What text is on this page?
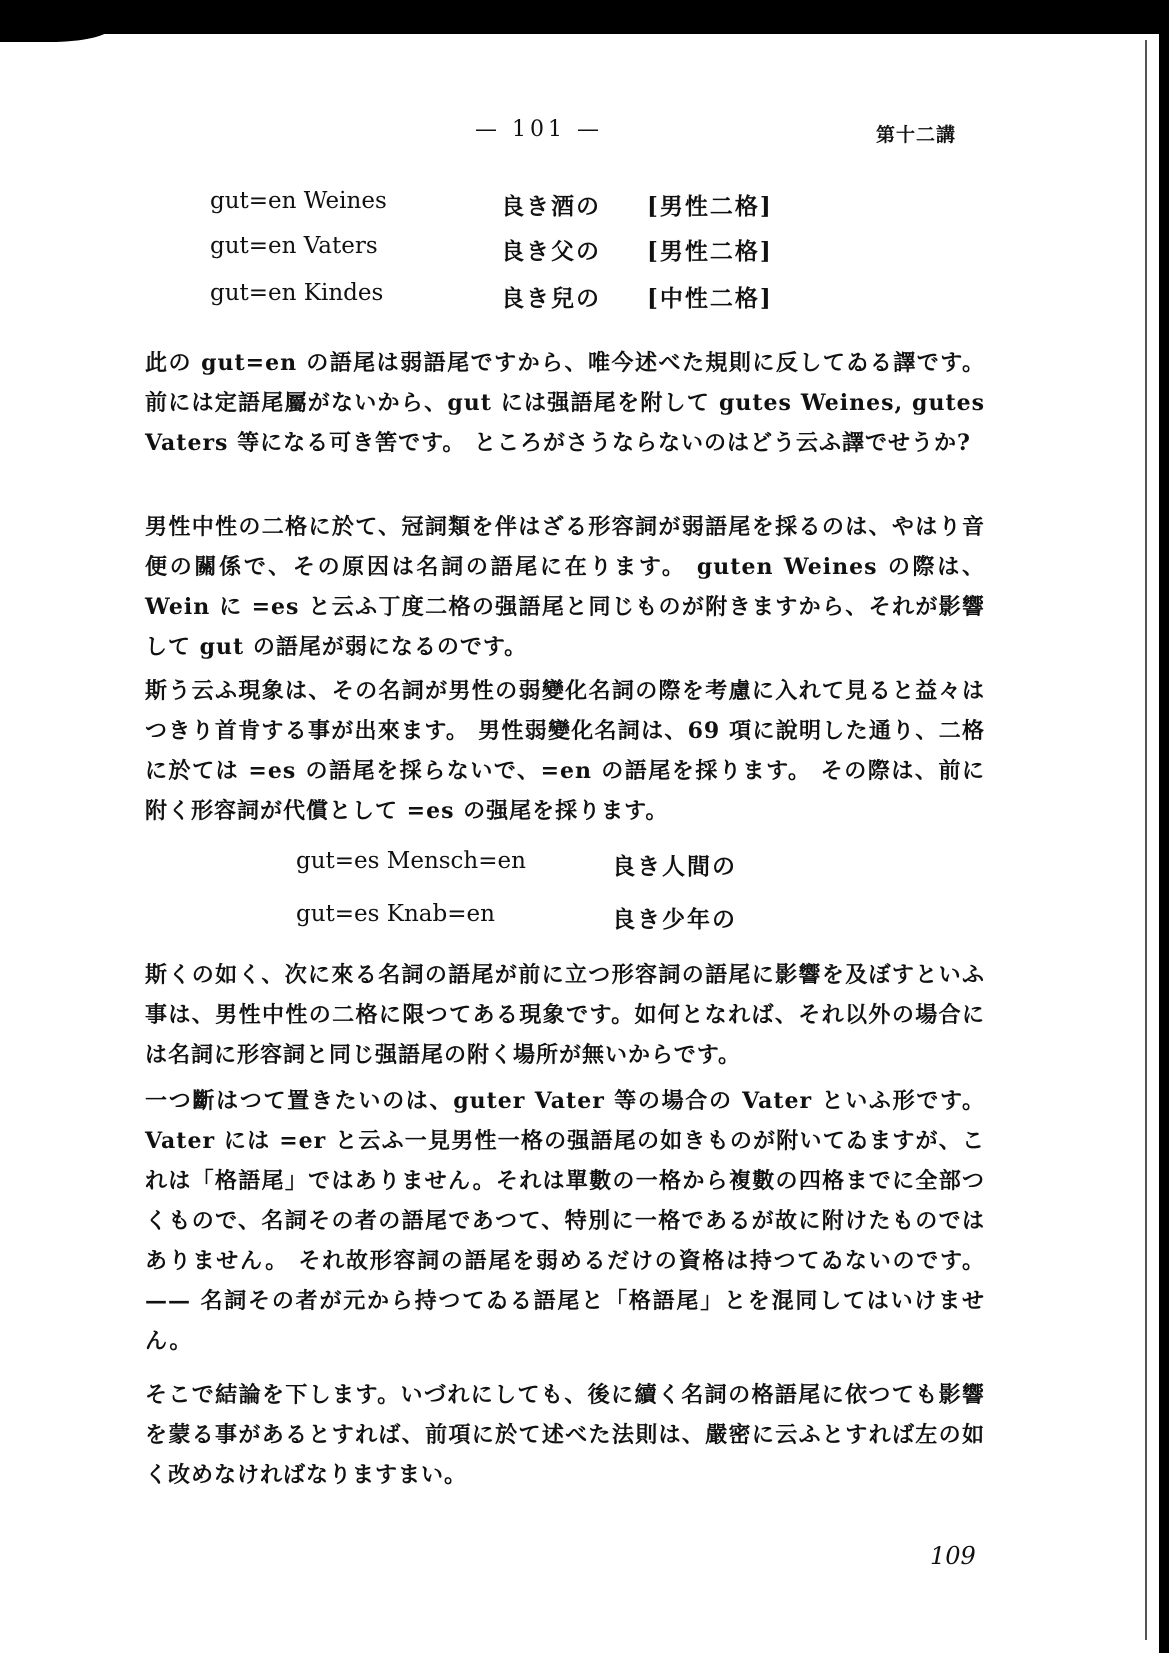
— 101 —	第十二講
gut=en Weines	良き酒の [男性二格]
gut=en Vaters	良き父の [男性二格]
gut=en Kindes	良き兒の [中性二格]

此の gut=en の語尾は弱語尾ですから、唯今述べた規則に反してゐる譯です。 前には定語尾屬がないから、gut には强語尾を附して gutes Weines, gutes Vaters 等になる可き筈です。 ところがさうならないのはどう云ふ譯でせうか?

男性中性の二格に於て、冠詞類を伴はざる形容詞が弱語尾を採るのは、やはり音便の關係で、その原因は名詞の語尾に在ります。 guten Weines の際は、Wein に =es と云ふ丁度二格の强語尾と同じものが附きますから、それが影響して gut の語尾が弱になるのです。

斯う云ふ現象は、その名詞が男性の弱變化名詞の際を考慮に入れて見ると益々はつきり首肯する事が出來ます。 男性弱變化名詞は、69 項に說明した通り、二格に於ては =es の語尾を採らないで、=en の語尾を採ります。 その際は、前に附く形容詞が代償として =es の强尾を採ります。

gut=es Mensch=en	良き人間の
gut=es Knab=en	良き少年の

斯くの如く、次に來る名詞の語尾が前に立つ形容詞の語尾に影響を及ぼすといふ事は、男性中性の二格に限つてある現象です。如何となれば、それ以外の場合には名詞に形容詞と同じ强語尾の附く場所が無いからです。

一つ斷はつて置きたいのは、guter Vater 等の場合の Vater といふ形です。Vater には =er と云ふ一見男性一格の强語尾の如きものが附いてゐますが、これは「格語尾」ではありません。それは單數の一格から複數の四格までに全部つくもので、名詞その者の語尾であつて、特別に一格であるが故に附けたものではありません。 それ故形容詞の語尾を弱めるだけの資格は持つてゐないのです。—— 名詞その者が元から持つてゐる語尾と「格語尾」とを混同してはいけません。

そこで結論を下します。いづれにしても、後に續く名詞の格語尾に依つても影響を蒙る事があるとすれば、前項に於て述べた法則は、嚴密に云ふとすれば左の如く改めなければなりますまい。

109
